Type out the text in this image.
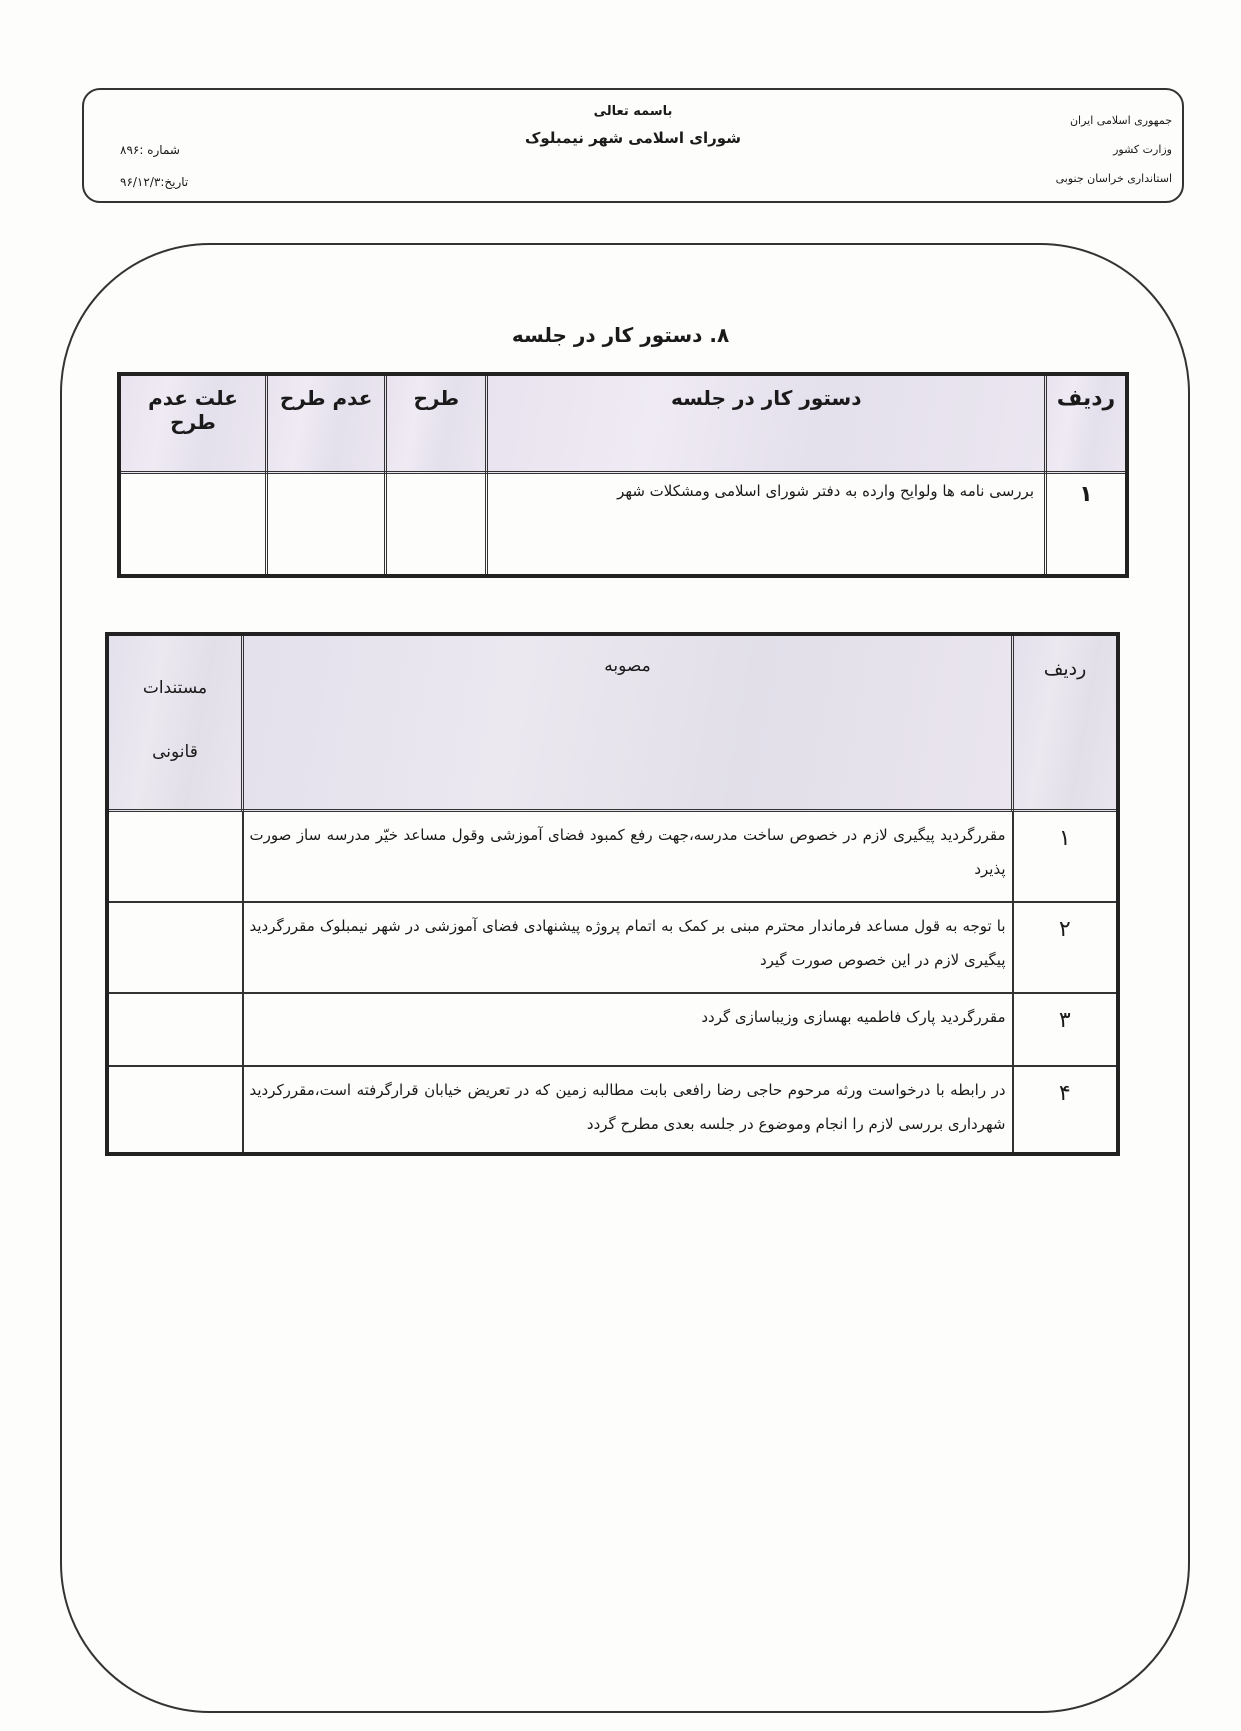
جمهوری اسلامی ایران
وزارت کشور
استانداری خراسان جنوبی
باسمه تعالی
شورای اسلامی شهر نیمبلوک
شماره :۸۹۶
تاریخ:۹۶/۱۲/۳
۸. دستور کار در جلسه
ردیف	دستور کار در جلسه	طرح	عدم طرح	علت عدم طرح
۱	بررسی نامه ها ولوایح وارده به دفتر شورای اسلامی ومشکلات شهر			
ردیف	مصوبه	مستندات
قانونی

۱	مقررگردید پیگیری لازم در خصوص ساخت مدرسه،جهت رفع کمبود فضای آموزشی وقول مساعد خیّر مدرسه ساز صورت پذیرد	
۲	با توجه به قول مساعد فرماندار محترم مبنی بر کمک به اتمام پروژه پیشنهادی فضای آموزشی در شهر نیمبلوک مقررگردید پیگیری لازم در این خصوص صورت گیرد	
۳	مقررگردید پارک فاطمیه بهسازی وزیباسازی گردد	
۴	در رابطه با درخواست ورثه مرحوم حاجی رضا رافعی بابت مطالبه زمین که در تعریض خیابان قرارگرفته است،مقررکردید شهرداری بررسی لازم را انجام وموضوع در جلسه بعدی مطرح گردد	
